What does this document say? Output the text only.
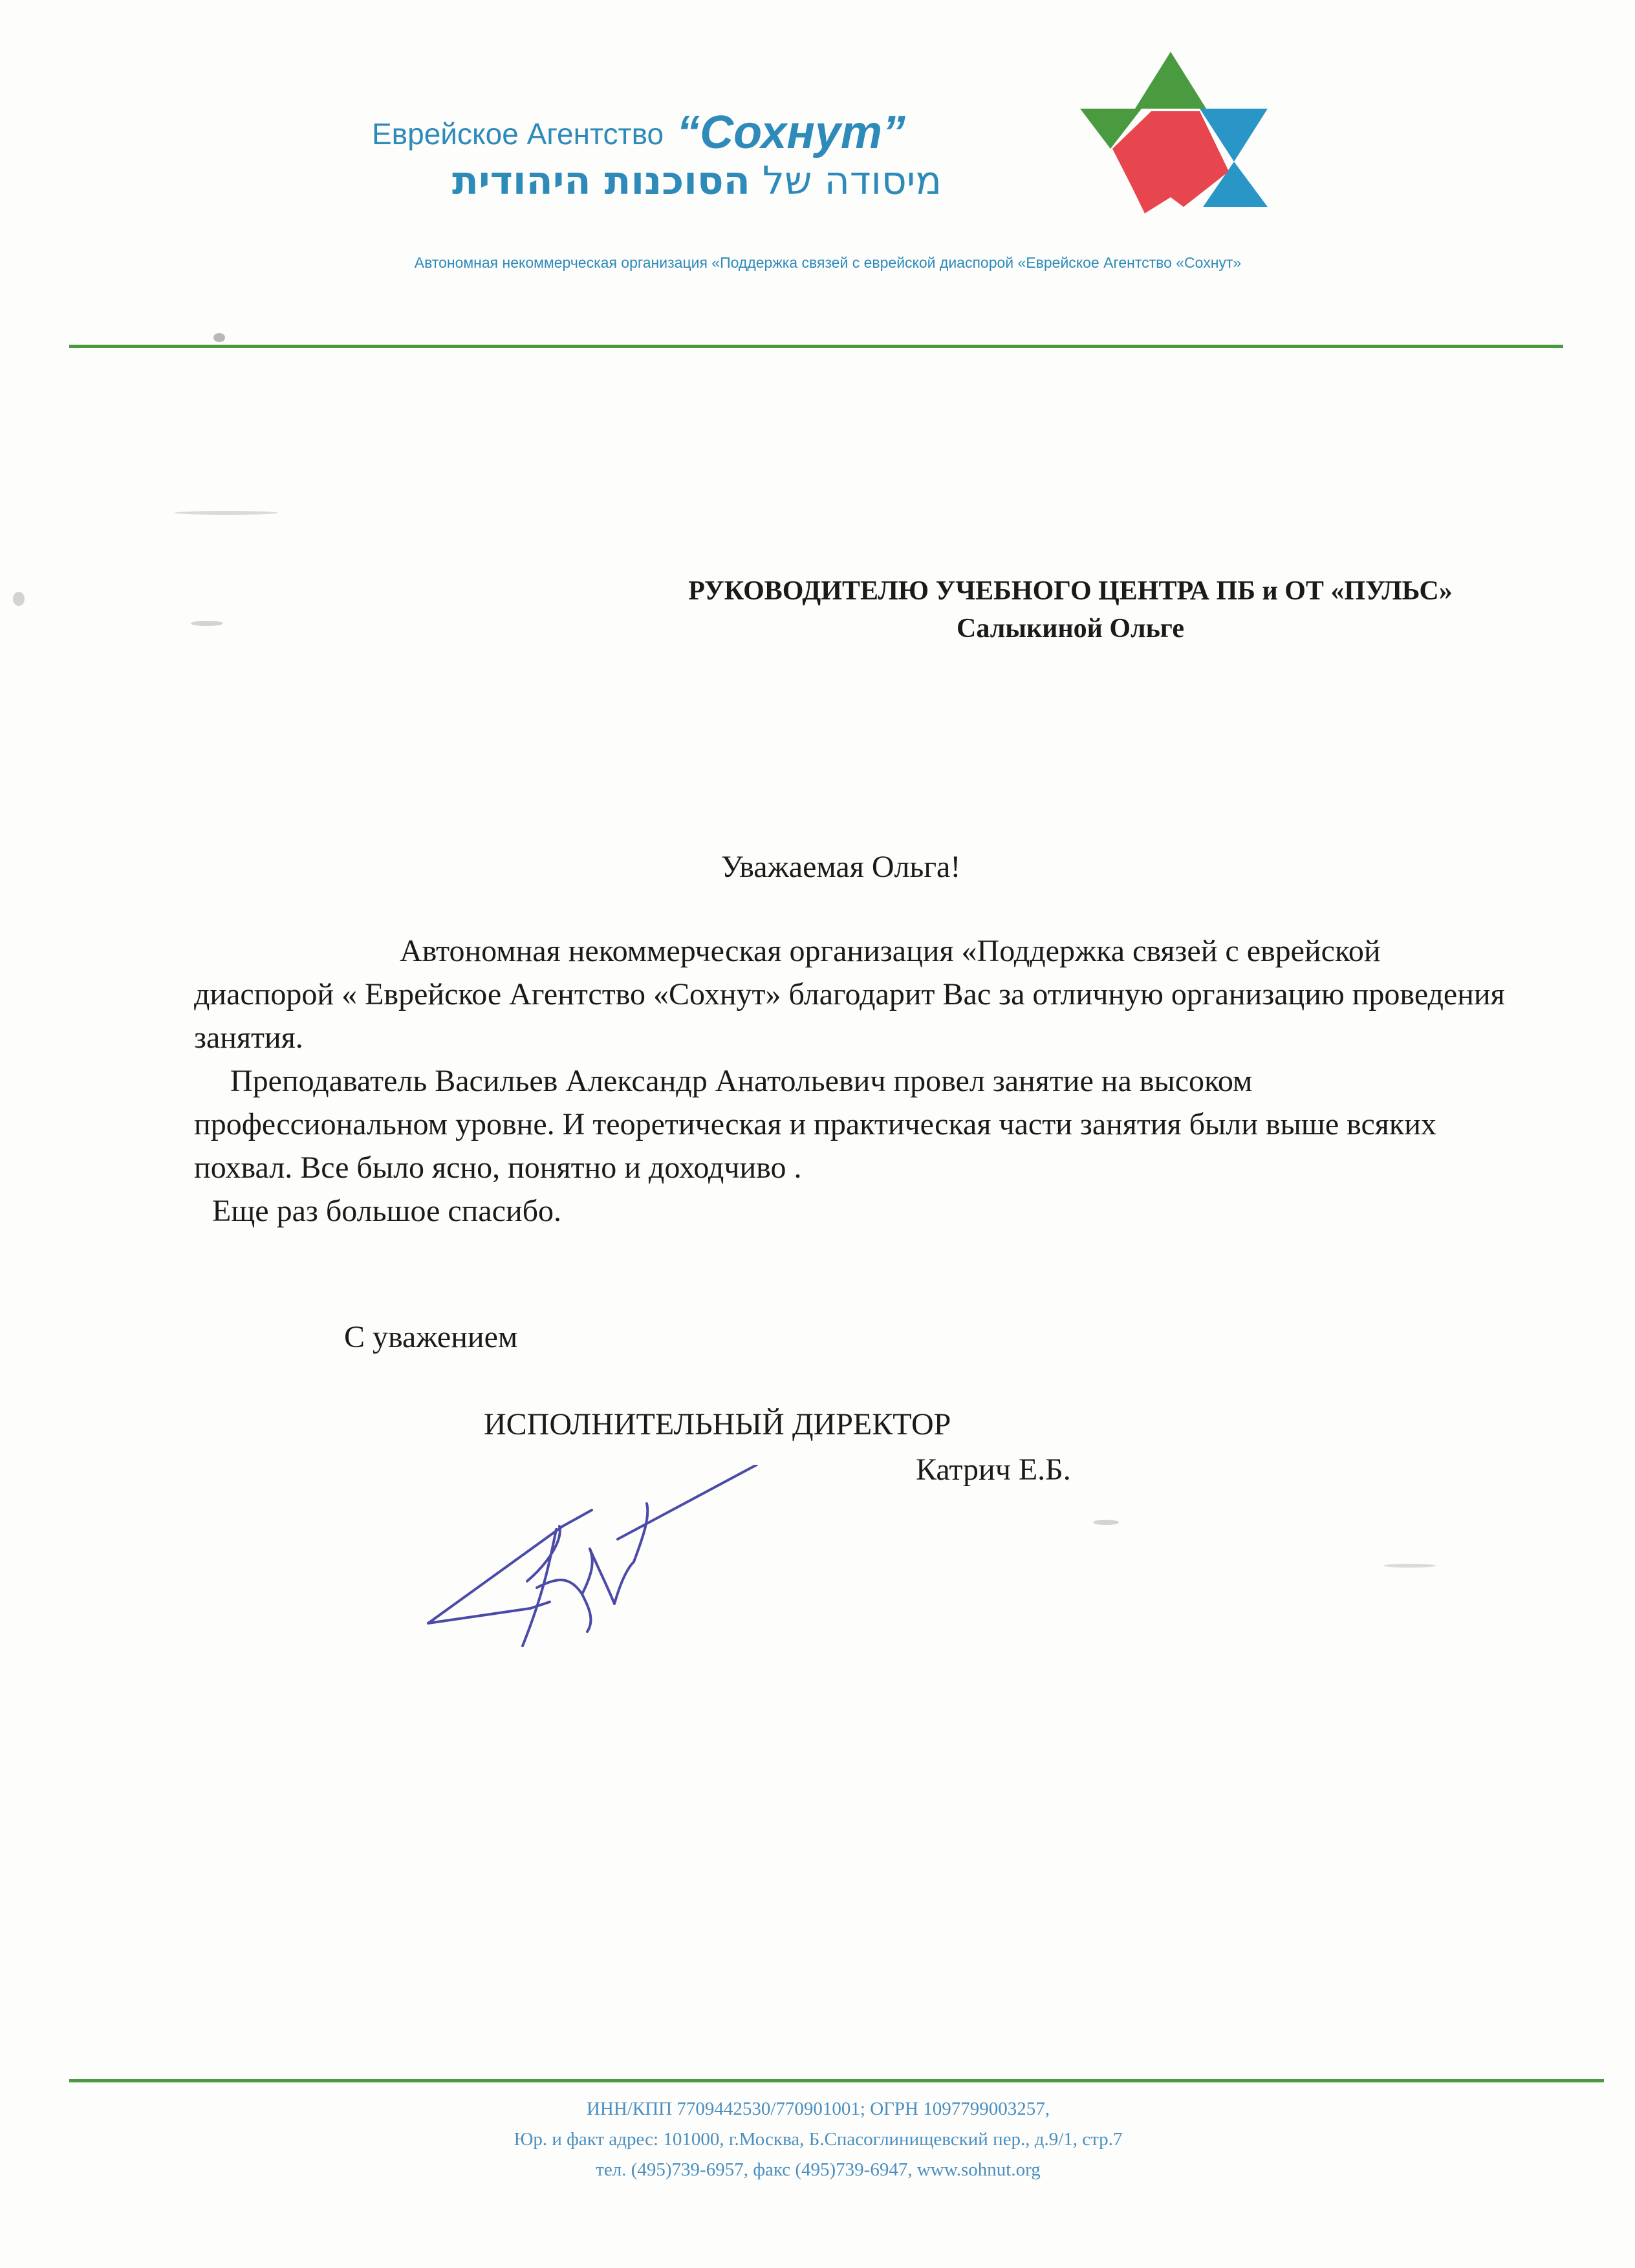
Еврейское Агентство “Сохнут”
מיסודה של הסוכנות היהודית
Автономная некоммерческая организация «Поддержка связей с еврейской диаспорой «Еврейское Агентство «Сохнут»
РУКОВОДИТЕЛЮ УЧЕБНОГО ЦЕНТРА ПБ и ОТ «ПУЛЬС»
Салыкиной Ольге
Уважаемая Ольга!

Автономная некоммерческая организация «Поддержка связей с еврейской диаспорой « Еврейское Агентство «Сохнут» благодарит Вас за отличную организацию проведения занятия.

Преподаватель Васильев Александр Анатольевич провел занятие на высоком профессиональном уровне. И теоретическая и практическая части занятия были выше всяких похвал. Все было ясно, понятно и доходчиво .

Еще раз большое спасибо.

С уважением
ИСПОЛНИТЕЛЬНЫЙ ДИРЕКТОР
Катрич Е.Б.
ИНН/КПП 7709442530/770901001; ОГРН 1097799003257,
Юр. и факт адрес: 101000, г.Москва, Б.Спасоглинищевский пер., д.9/1, стр.7
тел. (495)739-6957, факс (495)739-6947, www.sohnut.org
